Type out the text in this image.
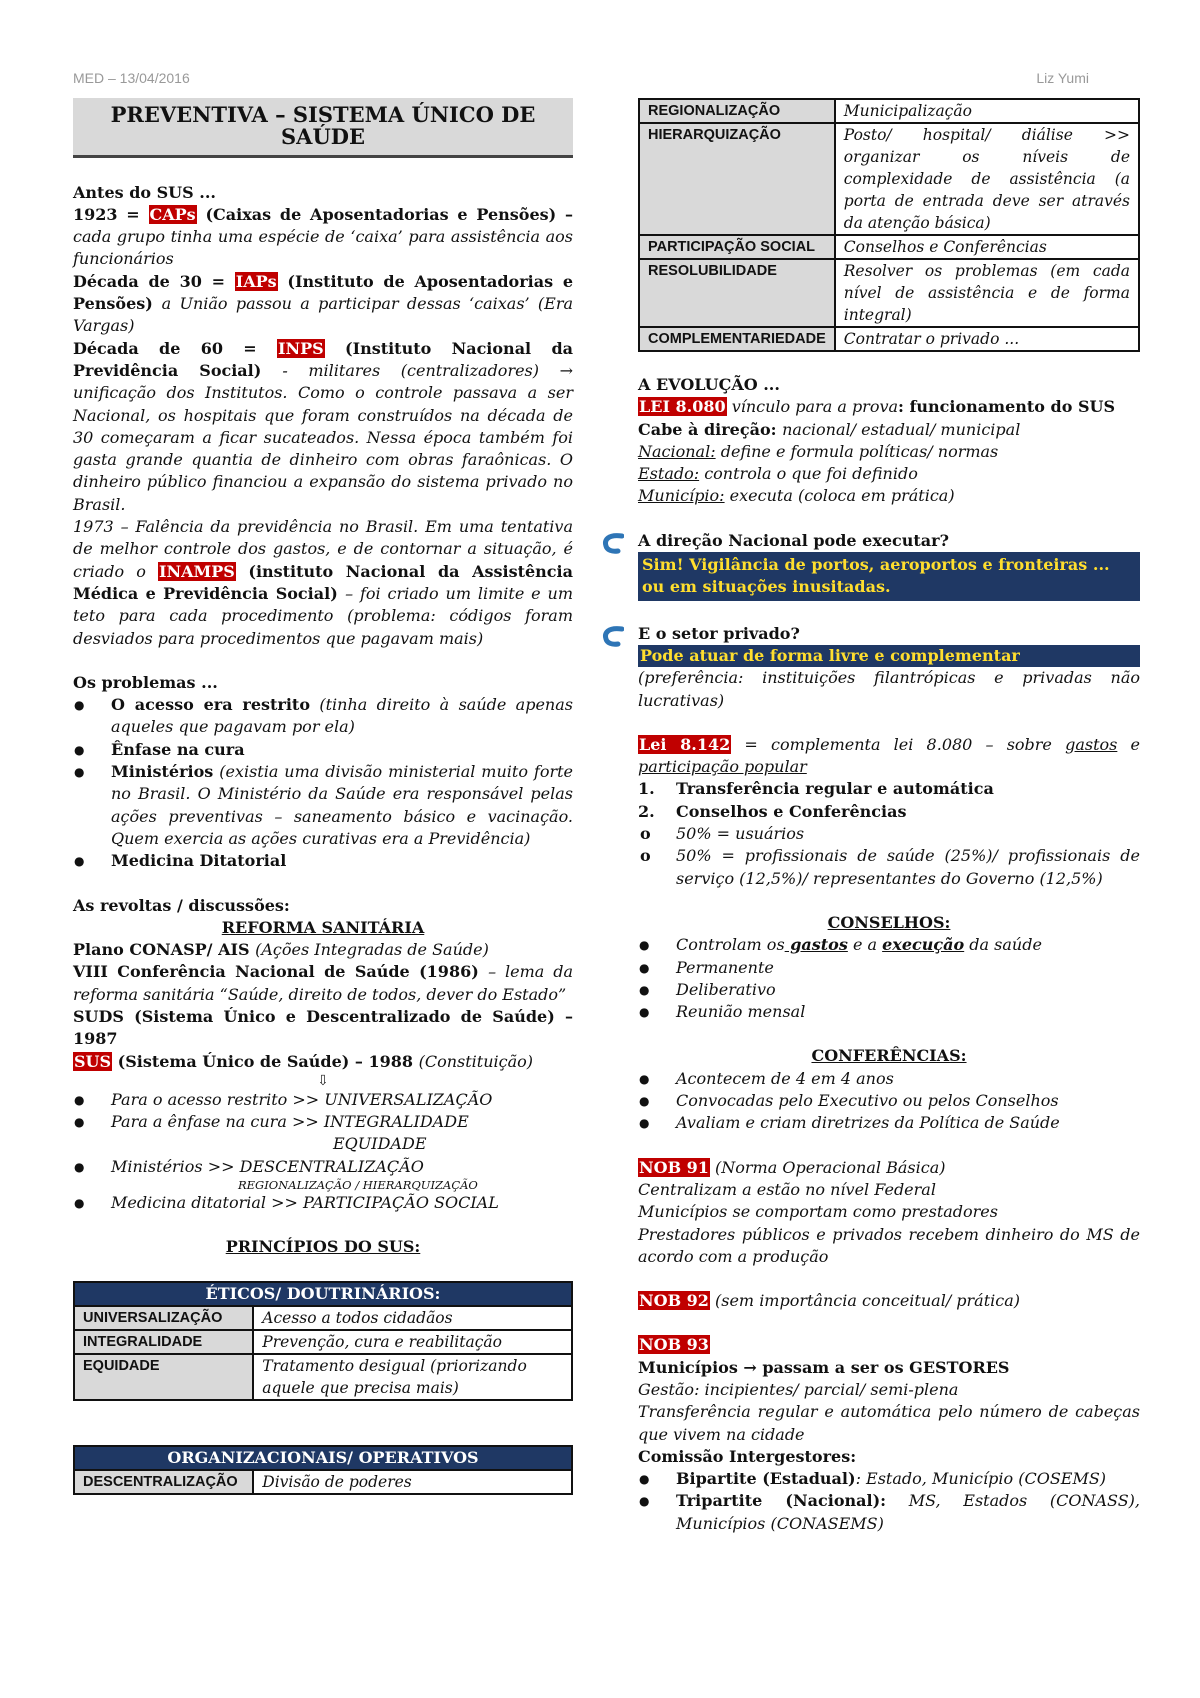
MED – 13/04/2016	Liz Yumi
PREVENTIVA – SISTEMA ÚNICO DE SAÚDE

Antes do SUS ...

1923 = CAPs (Caixas de Aposentadorias e Pensões) – cada grupo tinha uma espécie de ‘caixa’ para assistência aos funcionários

Década de 30 = IAPs (Instituto de Aposentadorias e Pensões) a União passou a participar dessas ‘caixas’ (Era Vargas)

Década de 60 = INPS (Instituto Nacional da Previdência Social) - militares (centralizadores) → unificação dos Institutos. Como o controle passava a ser Nacional, os hospitais que foram construídos na década de 30 começaram a ficar sucateados. Nessa época também foi gasta grande quantia de dinheiro com obras faraônicas. O dinheiro público financiou a expansão do sistema privado no Brasil.

1973 – Falência da previdência no Brasil. Em uma tentativa de melhor controle dos gastos, e de contornar a situação, é criado o INAMPS (instituto Nacional da Assistência Médica e Previdência Social) – foi criado um limite e um teto para cada procedimento (problema: códigos foram desviados para procedimentos que pagavam mais)

Os problemas ...

● O acesso era restrito (tinha direito à saúde apenas aqueles que pagavam por ela)
● Ênfase na cura
● Ministérios (existia uma divisão ministerial muito forte no Brasil. O Ministério da Saúde era responsável pelas ações preventivas – saneamento básico e vacinação. Quem exercia as ações curativas era a Previdência)
● Medicina Ditatorial

As revoltas / discussões:

REFORMA SANITÁRIA

Plano CONASP/ AIS (Ações Integradas de Saúde)

VIII Conferência Nacional de Saúde (1986) – lema da reforma sanitária “Saúde, direito de todos, dever do Estado”

SUDS (Sistema Único e Descentralizado de Saúde) – 1987

SUS (Sistema Único de Saúde) – 1988 (Constituição)

⇩

● Para o acesso restrito >> UNIVERSALIZAÇÃO
● Para a ênfase na cura >> INTEGRALIDADE
EQUIDADE
● Ministérios >> DESCENTRALIZAÇÃO
REGIONALIZAÇÃO / HIERARQUIZAÇÃO
● Medicina ditatorial >> PARTICIPAÇÃO SOCIAL

PRINCÍPIOS DO SUS:

ÉTICOS/ DOUTRINÁRIOS:
UNIVERSALIZAÇÃO	Acesso a todos cidadãos
INTEGRALIDADE	Prevenção, cura e reabilitação
EQUIDADE	Tratamento desigual (priorizando aquele que precisa mais)
ORGANIZACIONAIS/ OPERATIVOS
DESCENTRALIZAÇÃO	Divisão de poderes
REGIONALIZAÇÃO	Municipalização
HIERARQUIZAÇÃO	Posto/ hospital/ diálise >> organizar os níveis de complexidade de assistência (a porta de entrada deve ser através da atenção básica)
PARTICIPAÇÃO SOCIAL	Conselhos e Conferências
RESOLUBILIDADE	Resolver os problemas (em cada nível de assistência e de forma integral)
COMPLEMENTARIEDADE	Contratar o privado ...

A EVOLUÇÃO ...

LEI 8.080 vínculo para a prova: funcionamento do SUS

Cabe à direção: nacional/ estadual/ municipal

Nacional: define e formula políticas/ normas

Estado: controla o que foi definido

Município: executa (coloca em prática)

A direção Nacional pode executar?

Sim! Vigilância de portos, aeroportos e fronteiras ... ou em situações inusitadas.

E o setor privado?

Pode atuar de forma livre e complementar

(preferência: instituições filantrópicas e privadas não lucrativas)

Lei 8.142 = complementa lei 8.080 – sobre gastos e participação popular

1. Transferência regular e automática
2. Conselhos e Conferências
o 50% = usuários
o 50% = profissionais de saúde (25%)/ profissionais de serviço (12,5%)/ representantes do Governo (12,5%)

CONSELHOS:

● Controlam os gastos e a execução da saúde
● Permanente
● Deliberativo
● Reunião mensal

CONFERÊNCIAS:

● Acontecem de 4 em 4 anos
● Convocadas pelo Executivo ou pelos Conselhos
● Avaliam e criam diretrizes da Política de Saúde

NOB 91 (Norma Operacional Básica)

Centralizam a estão no nível Federal

Municípios se comportam como prestadores

Prestadores públicos e privados recebem dinheiro do MS de acordo com a produção

NOB 92 (sem importância conceitual/ prática)

NOB 93

Municípios → passam a ser os GESTORES

Gestão: incipientes/ parcial/ semi-plena

Transferência regular e automática pelo número de cabeças que vivem na cidade

Comissão Intergestores:

● Bipartite (Estadual): Estado, Município (COSEMS)
● Tripartite (Nacional): MS, Estados (CONASS), Municípios (CONASEMS)
